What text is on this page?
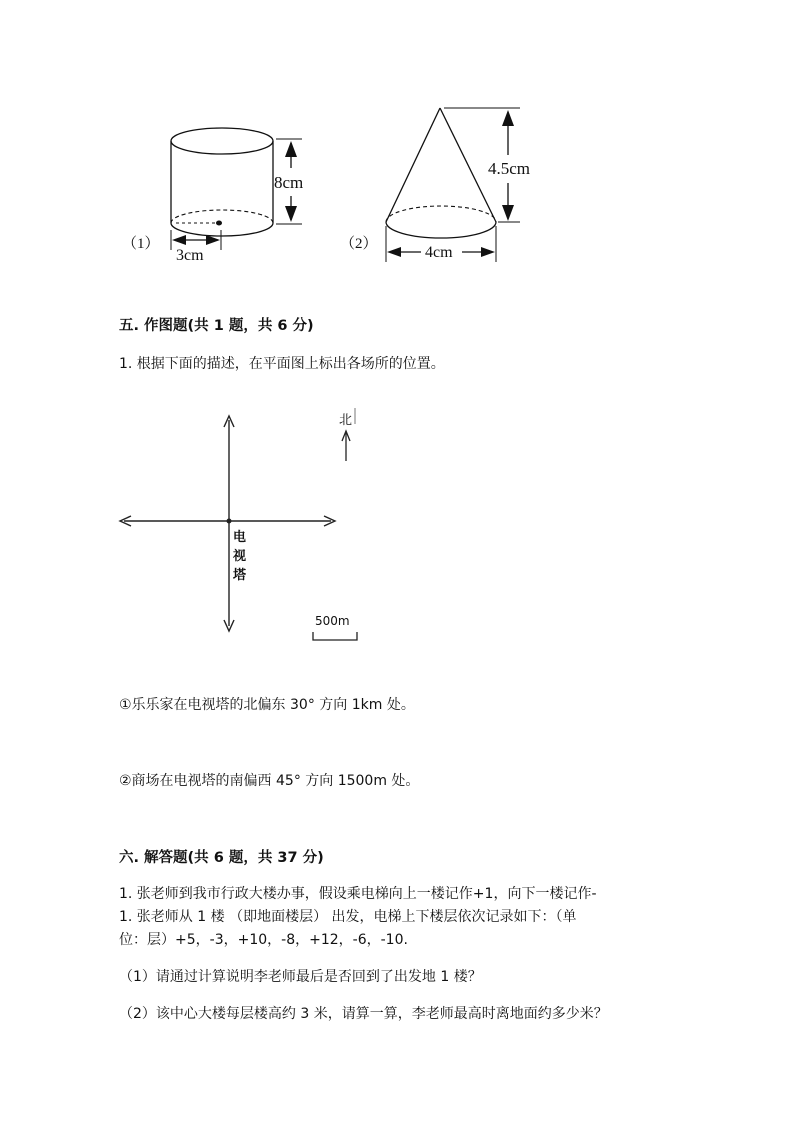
（1）
8cm
3cm
（2）
4.5cm
4cm
五. 作图题(共 1 题，共 6 分)
1. 根据下面的描述，在平面图上标出各场所的位置。
北
电视塔
500m
①乐乐家在电视塔的北偏东 30° 方向 1km 处。
②商场在电视塔的南偏西 45° 方向 1500m 处。
六. 解答题(共 6 题，共 37 分)
1. 张老师到我市行政大楼办事，假设乘电梯向上一楼记作+1，向下一楼记作-
1. 张老师从 1 楼 （即地面楼层） 出发，电梯上下楼层依次记录如下：（单
位：层）+5，-3，+10，-8，+12，-6，-10.
（1）请通过计算说明李老师最后是否回到了出发地 1 楼？
（2）该中心大楼每层楼高约 3 米，请算一算，李老师最高时离地面约多少米？
